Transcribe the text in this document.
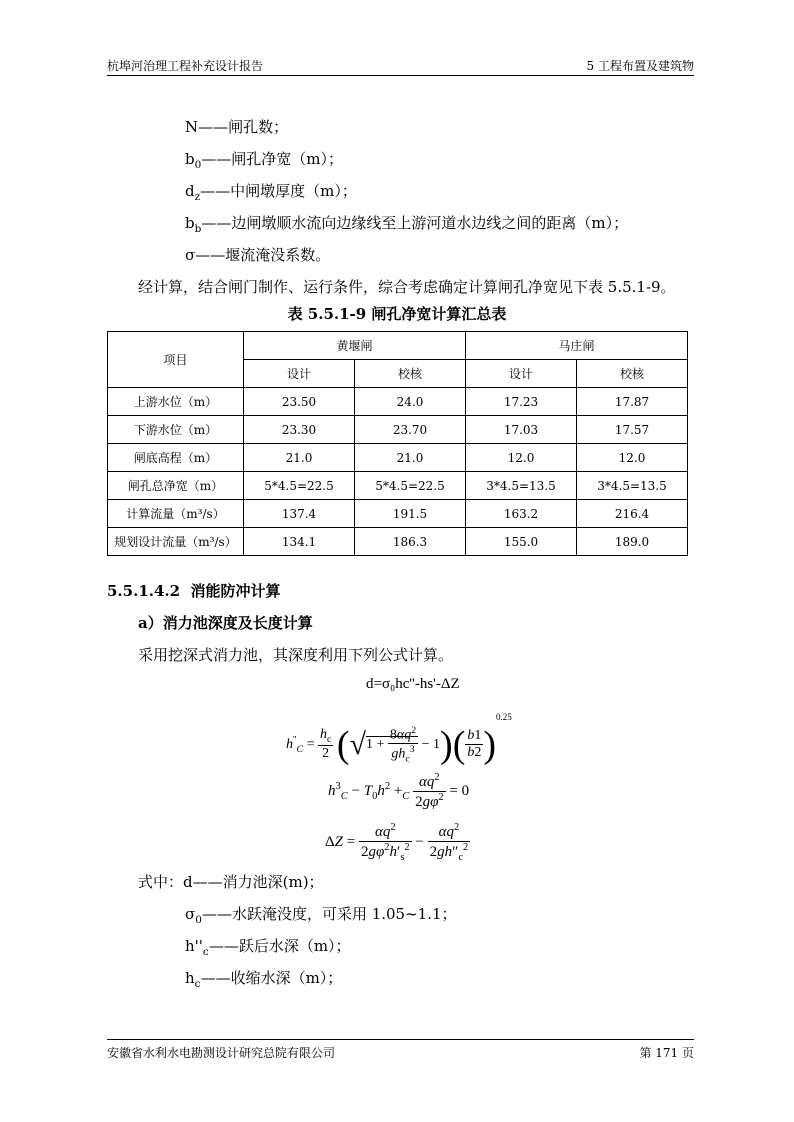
杭埠河治理工程补充设计报告	5 工程布置及建筑物
N——闸孔数；
$b_0——$闸孔净宽（m）；
$d_z——$中闸墩厚度（m）；
$b_b——$边闸墩顺水流向边缘线至上游河道水边线之间的距离（m）；
σ——堰流淹没系数。
经计算，结合闸门制作、运行条件，综合考虑确定计算闸孔净宽见下表 5.5.1-9。
表 5.5.1-9 闸孔净宽计算汇总表
项目	黄堰闸		马庄闸	
	设计	校核	设计	校核
上游水位（m）	23.50	24.0	17.23	17.87
下游水位（m）	23.30	23.70	17.03	17.57
闸底高程（m）	21.0	21.0	12.0	12.0
闸孔总净宽（m）	5*4.5=22.5	5*4.5=22.5	3*4.5=13.5	3*4.5=13.5
计算流量（m³/s）	137.4	191.5	163.2	216.4
规划设计流量（m³/s）	134.1	186.3	155.0	189.0
5.5.1.4.2 消能防冲计算
a）消力池深度及长度计算
采用挖深式消力池，其深度利用下列公式计算。
d=σ₀hc''-hs'-ΔZ
$h''_C = \frac{h_c}{2} (√1$ +
$8\alpha q^2$
$gh_c^3 - 1)( \frac{b1}{b2} )^{0.25}$
$h^3_C - T_0h^2 +_C \frac{\alpha q^2}{2g\varphi^2} = 0$
$\Delta Z = \frac{\alpha q^2}{2g\varphi^2h'_s^2} - \frac{\alpha q^2}{2gh''_c^2}$
式中：d——消力池深(m)；
$\sigma_0——$水跃淹没度，可采用 1.05~1.1；
$h''_c——$跃后水深（m）；
$h_c——$收缩水深（m）；
安徽省水利水电勘测设计研究总院有限公司	第 171 页
